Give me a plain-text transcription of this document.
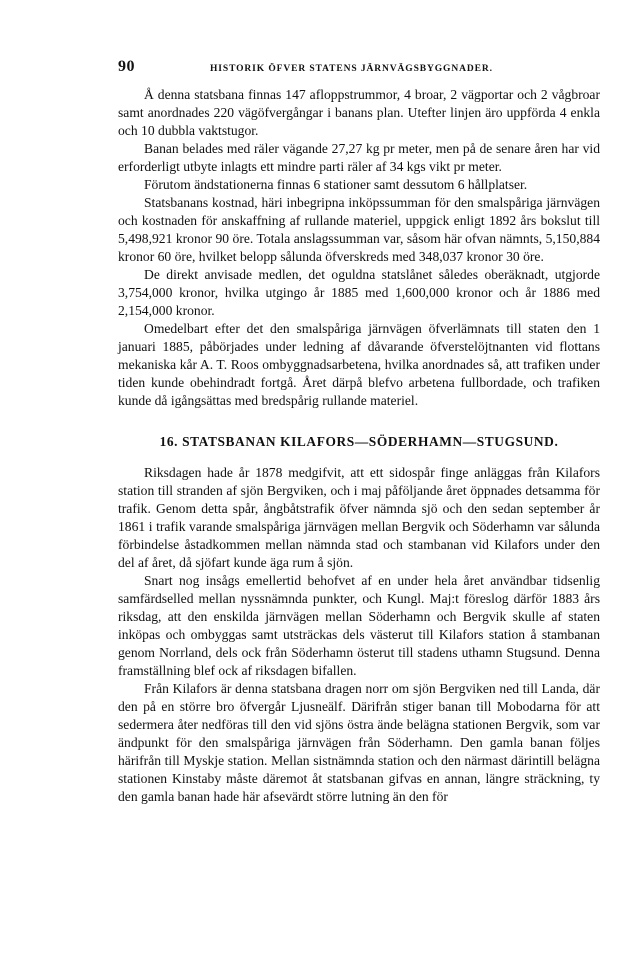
90	HISTORIK ÖFVER STATENS JÄRNVÄGSBYGGNADER.

Å denna statsbana finnas 147 afloppstrummor, 4 broar, 2 vägportar och 2 vågbroar samt anordnades 220 vägöfvergångar i banans plan. Utefter linjen äro uppförda 4 enkla och 10 dubbla vaktstugor.

Banan belades med räler vägande 27,27 kg pr meter, men på de senare åren har vid erforderligt utbyte inlagts ett mindre parti räler af 34 kgs vikt pr meter.

Förutom ändstationerna finnas 6 stationer samt dessutom 6 hållplatser.

Statsbanans kostnad, häri inbegripna inköpssumman för den smalspåriga järnvägen och kostnaden för anskaffning af rullande materiel, uppgick enligt 1892 års bokslut till 5,498,921 kronor 90 öre. Totala anslagssumman var, såsom här ofvan nämnts, 5,150,884 kronor 60 öre, hvilket belopp sålunda öfverskreds med 348,037 kronor 30 öre.

De direkt anvisade medlen, det oguldna statslånet således oberäknadt, utgjorde 3,754,000 kronor, hvilka utgingo år 1885 med 1,600,000 kronor och år 1886 med 2,154,000 kronor.

Omedelbart efter det den smalspåriga järnvägen öfverlämnats till staten den 1 januari 1885, påbörjades under ledning af dåvarande öfverstelöjtnanten vid flottans mekaniska kår A. T. Roos ombyggnadsarbetena, hvilka anordnades så, att trafiken under tiden kunde obehindradt fortgå. Året därpå blefvo arbetena fullbordade, och trafiken kunde då igångsättas med bredspårig rullande materiel.

16. STATSBANAN KILAFORS—SÖDERHAMN—STUGSUND.

Riksdagen hade år 1878 medgifvit, att ett sidospår finge anläggas från Kilafors station till stranden af sjön Bergviken, och i maj påföljande året öppnades detsamma för trafik. Genom detta spår, ångbåtstrafik öfver nämnda sjö och den sedan september år 1861 i trafik varande smalspåriga järnvägen mellan Bergvik och Söderhamn var sålunda förbindelse åstadkommen mellan nämnda stad och stambanan vid Kilafors under den del af året, då sjöfart kunde äga rum å sjön.

Snart nog insågs emellertid behofvet af en under hela året användbar tidsenlig samfärdselled mellan nyssnämnda punkter, och Kungl. Maj:t föreslog därför 1883 års riksdag, att den enskilda järnvägen mellan Söderhamn och Bergvik skulle af staten inköpas och ombyggas samt utsträckas dels västerut till Kilafors station å stambanan genom Norrland, dels ock från Söderhamn österut till stadens uthamn Stugsund. Denna framställning blef ock af riksdagen bifallen.

Från Kilafors är denna statsbana dragen norr om sjön Bergviken ned till Landa, där den på en större bro öfvergår Ljusneälf. Därifrån stiger banan till Mobodarna för att sedermera åter nedföras till den vid sjöns östra ände belägna stationen Bergvik, som var ändpunkt för den smalspåriga järnvägen från Söderhamn. Den gamla banan följes härifrån till Myskje station. Mellan sistnämnda station och den närmast därintill belägna stationen Kinstaby måste däremot åt statsbanan gifvas en annan, längre sträckning, ty den gamla banan hade här afsevärdt större lutning än den för
